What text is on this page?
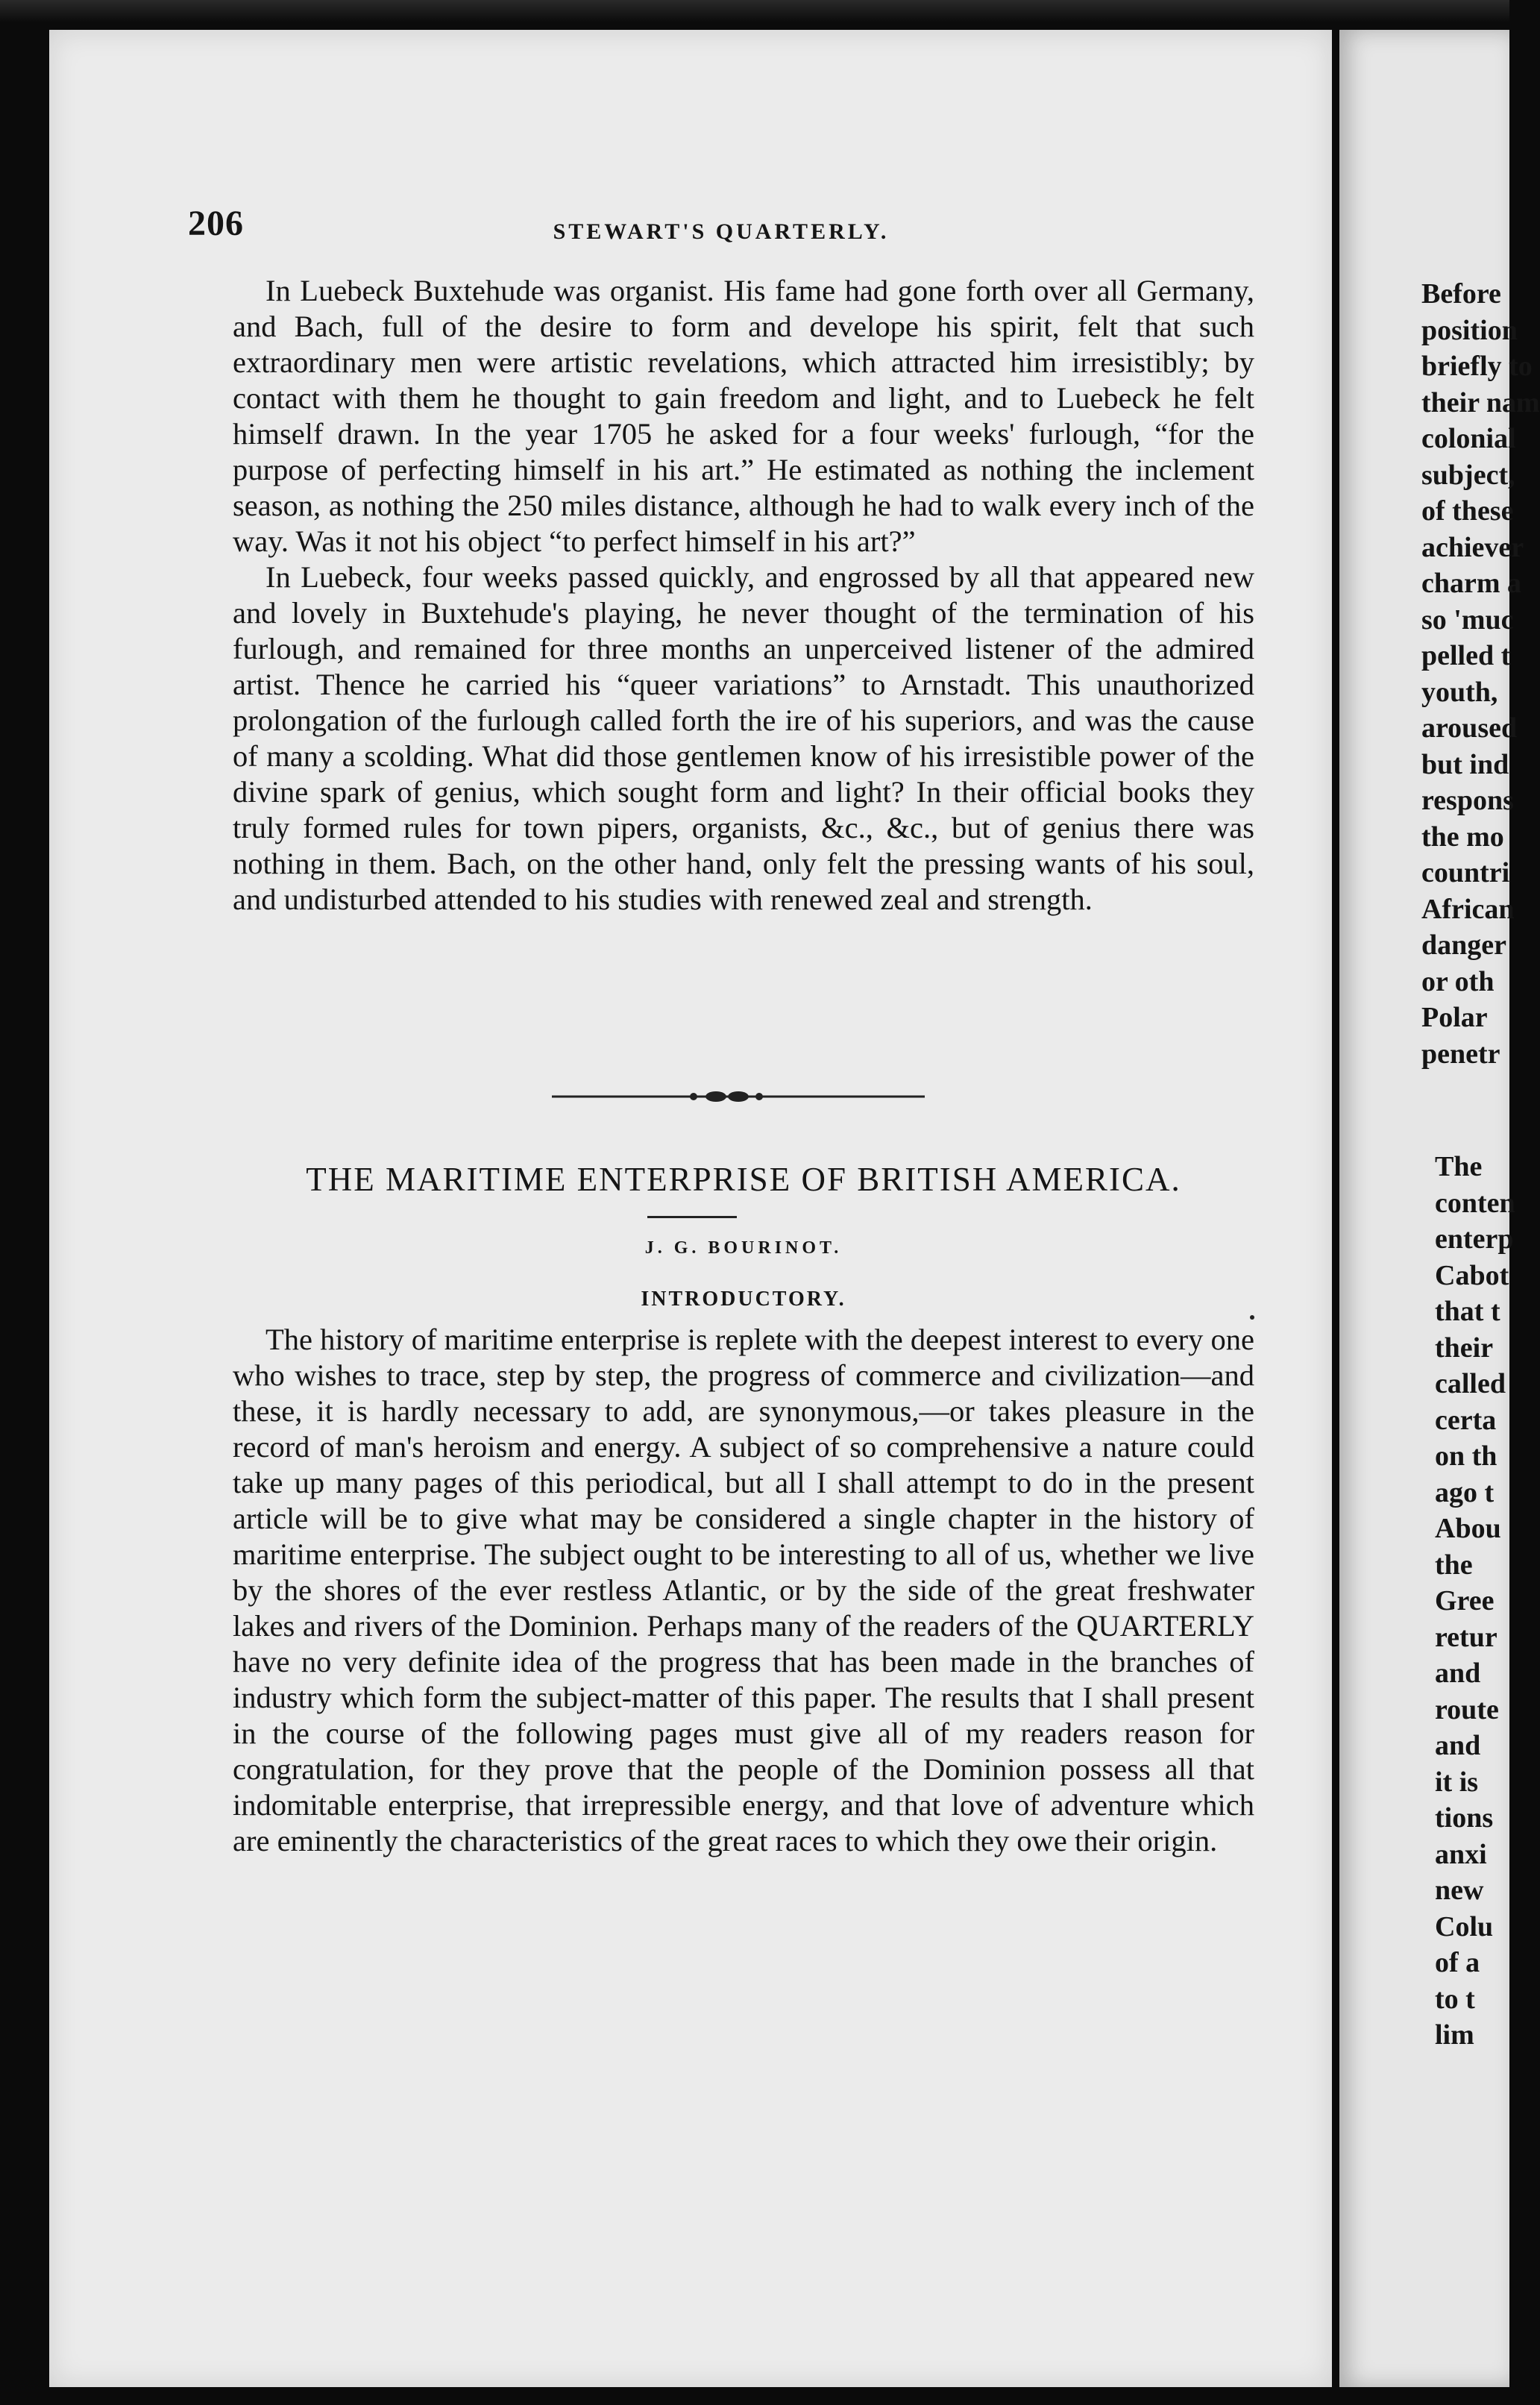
Before
position
briefly to
their nam
colonial
subject,
of these
achiever
charm a
so 'muc
pelled t
youth,
aroused
but ind
respons
the mo
countri
African
danger
or oth
Polar
penetr
The
conten
enterp
Cabot
that t
their
called
certa
on th
ago t
Abou
the
Gree
retur
and
route
and
it is
tions
anxi
new
Colu
of a
to t
lim
206	STEWART'S QUARTERLY.

In Luebeck Buxtehude was organist. His fame had gone forth over all Germany, and Bach, full of the desire to form and develope his spirit, felt that such extraordinary men were artistic revelations, which attracted him irresistibly; by contact with them he thought to gain freedom and light, and to Luebeck he felt himself drawn. In the year 1705 he asked for a four weeks' furlough, “for the purpose of perfecting himself in his art.” He estimated as nothing the inclement season, as nothing the 250 miles distance, although he had to walk every inch of the way. Was it not his object “to perfect himself in his art?”

In Luebeck, four weeks passed quickly, and engrossed by all that appeared new and lovely in Buxtehude's playing, he never thought of the termination of his furlough, and remained for three months an unperceived listener of the admired artist. Thence he carried his “queer variations” to Arnstadt. This unauthorized prolongation of the furlough called forth the ire of his superiors, and was the cause of many a scolding. What did those gentlemen know of his irresistible power of the divine spark of genius, which sought form and light? In their official books they truly formed rules for town pipers, organists, &c., &c., but of genius there was nothing in them. Bach, on the other hand, only felt the pressing wants of his soul, and undisturbed attended to his studies with renewed zeal and strength.

THE MARITIME ENTERPRISE OF BRITISH AMERICA.
J. G. BOURINOT.
INTRODUCTORY.

The history of maritime enterprise is replete with the deepest interest to every one who wishes to trace, step by step, the progress of commerce and civilization—and these, it is hardly necessary to add, are synonymous,—or takes pleasure in the record of man's heroism and energy. A subject of so comprehensive a nature could take up many pages of this periodical, but all I shall attempt to do in the present article will be to give what may be considered a single chapter in the history of maritime enterprise. The subject ought to be interesting to all of us, whether we live by the shores of the ever restless Atlantic, or by the side of the great freshwater lakes and rivers of the Dominion. Perhaps many of the readers of the QUARTERLY have no very definite idea of the progress that has been made in the branches of industry which form the subject-matter of this paper. The results that I shall present in the course of the following pages must give all of my readers reason for congratulation, for they prove that the people of the Dominion possess all that indomitable enterprise, that irrepressible energy, and that love of adventure which are eminently the characteristics of the great races to which they owe their origin.
